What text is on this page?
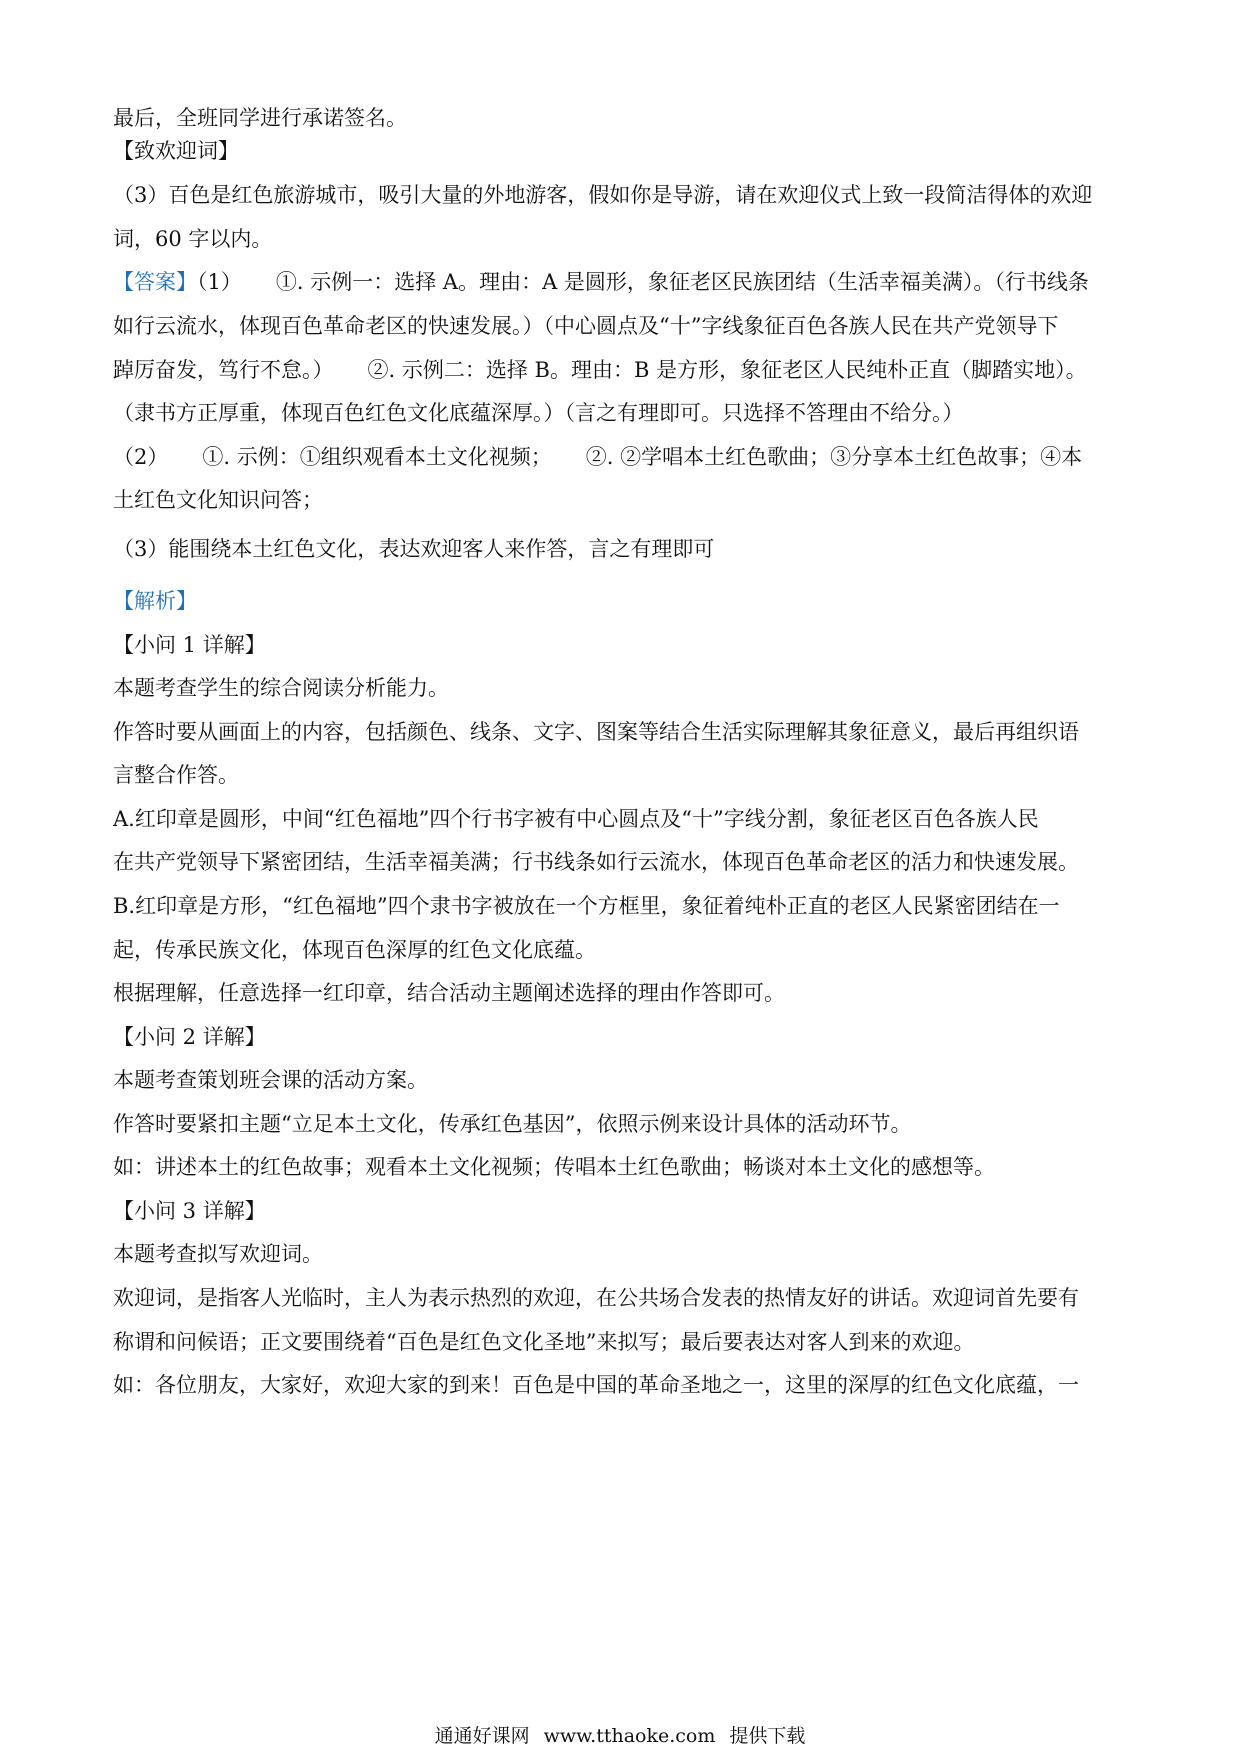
最后，全班同学进行承诺签名。
【致欢迎词】
（3）百色是红色旅游城市，吸引大量的外地游客，假如你是导游，请在欢迎仪式上致一段简洁得体的欢迎
词，60 字以内。
【答案】（1） ①. 示例一：选择 A。理由：A 是圆形，象征老区民族团结（生活幸福美满）。（行书线条
如行云流水，体现百色革命老区的快速发展。）（中心圆点及“十”字线象征百色各族人民在共产党领导下
踔厉奋发，笃行不怠。） ②. 示例二：选择 B。理由：B 是方形，象征老区人民纯朴正直（脚踏实地）。
（隶书方正厚重，体现百色红色文化底蕴深厚。）（言之有理即可。只选择不答理由不给分。）
（2） ①. 示例：①组织观看本土文化视频； ②. ②学唱本土红色歌曲；③分享本土红色故事；④本
土红色文化知识问答；
（3）能围绕本土红色文化，表达欢迎客人来作答，言之有理即可
【解析】
【小问 1 详解】
本题考查学生的综合阅读分析能力。
作答时要从画面上的内容，包括颜色、线条、文字、图案等结合生活实际理解其象征意义，最后再组织语
言整合作答。
A.红印章是圆形，中间“红色福地”四个行书字被有中心圆点及“十”字线分割，象征老区百色各族人民
在共产党领导下紧密团结，生活幸福美满；行书线条如行云流水，体现百色革命老区的活力和快速发展。
B.红印章是方形，“红色福地”四个隶书字被放在一个方框里，象征着纯朴正直的老区人民紧密团结在一
起，传承民族文化，体现百色深厚的红色文化底蕴。
根据理解，任意选择一红印章，结合活动主题阐述选择的理由作答即可。
【小问 2 详解】
本题考查策划班会课的活动方案。
作答时要紧扣主题“立足本土文化，传承红色基因”，依照示例来设计具体的活动环节。
如：讲述本土的红色故事；观看本土文化视频；传唱本土红色歌曲；畅谈对本土文化的感想等。
【小问 3 详解】
本题考查拟写欢迎词。
欢迎词，是指客人光临时，主人为表示热烈的欢迎，在公共场合发表的热情友好的讲话。欢迎词首先要有
称谓和问候语；正文要围绕着“百色是红色文化圣地”来拟写；最后要表达对客人到来的欢迎。
如：各位朋友，大家好，欢迎大家的到来！百色是中国的革命圣地之一，这里的深厚的红色文化底蕴，一
通通好课网 www.tthaoke.com 提供下载
